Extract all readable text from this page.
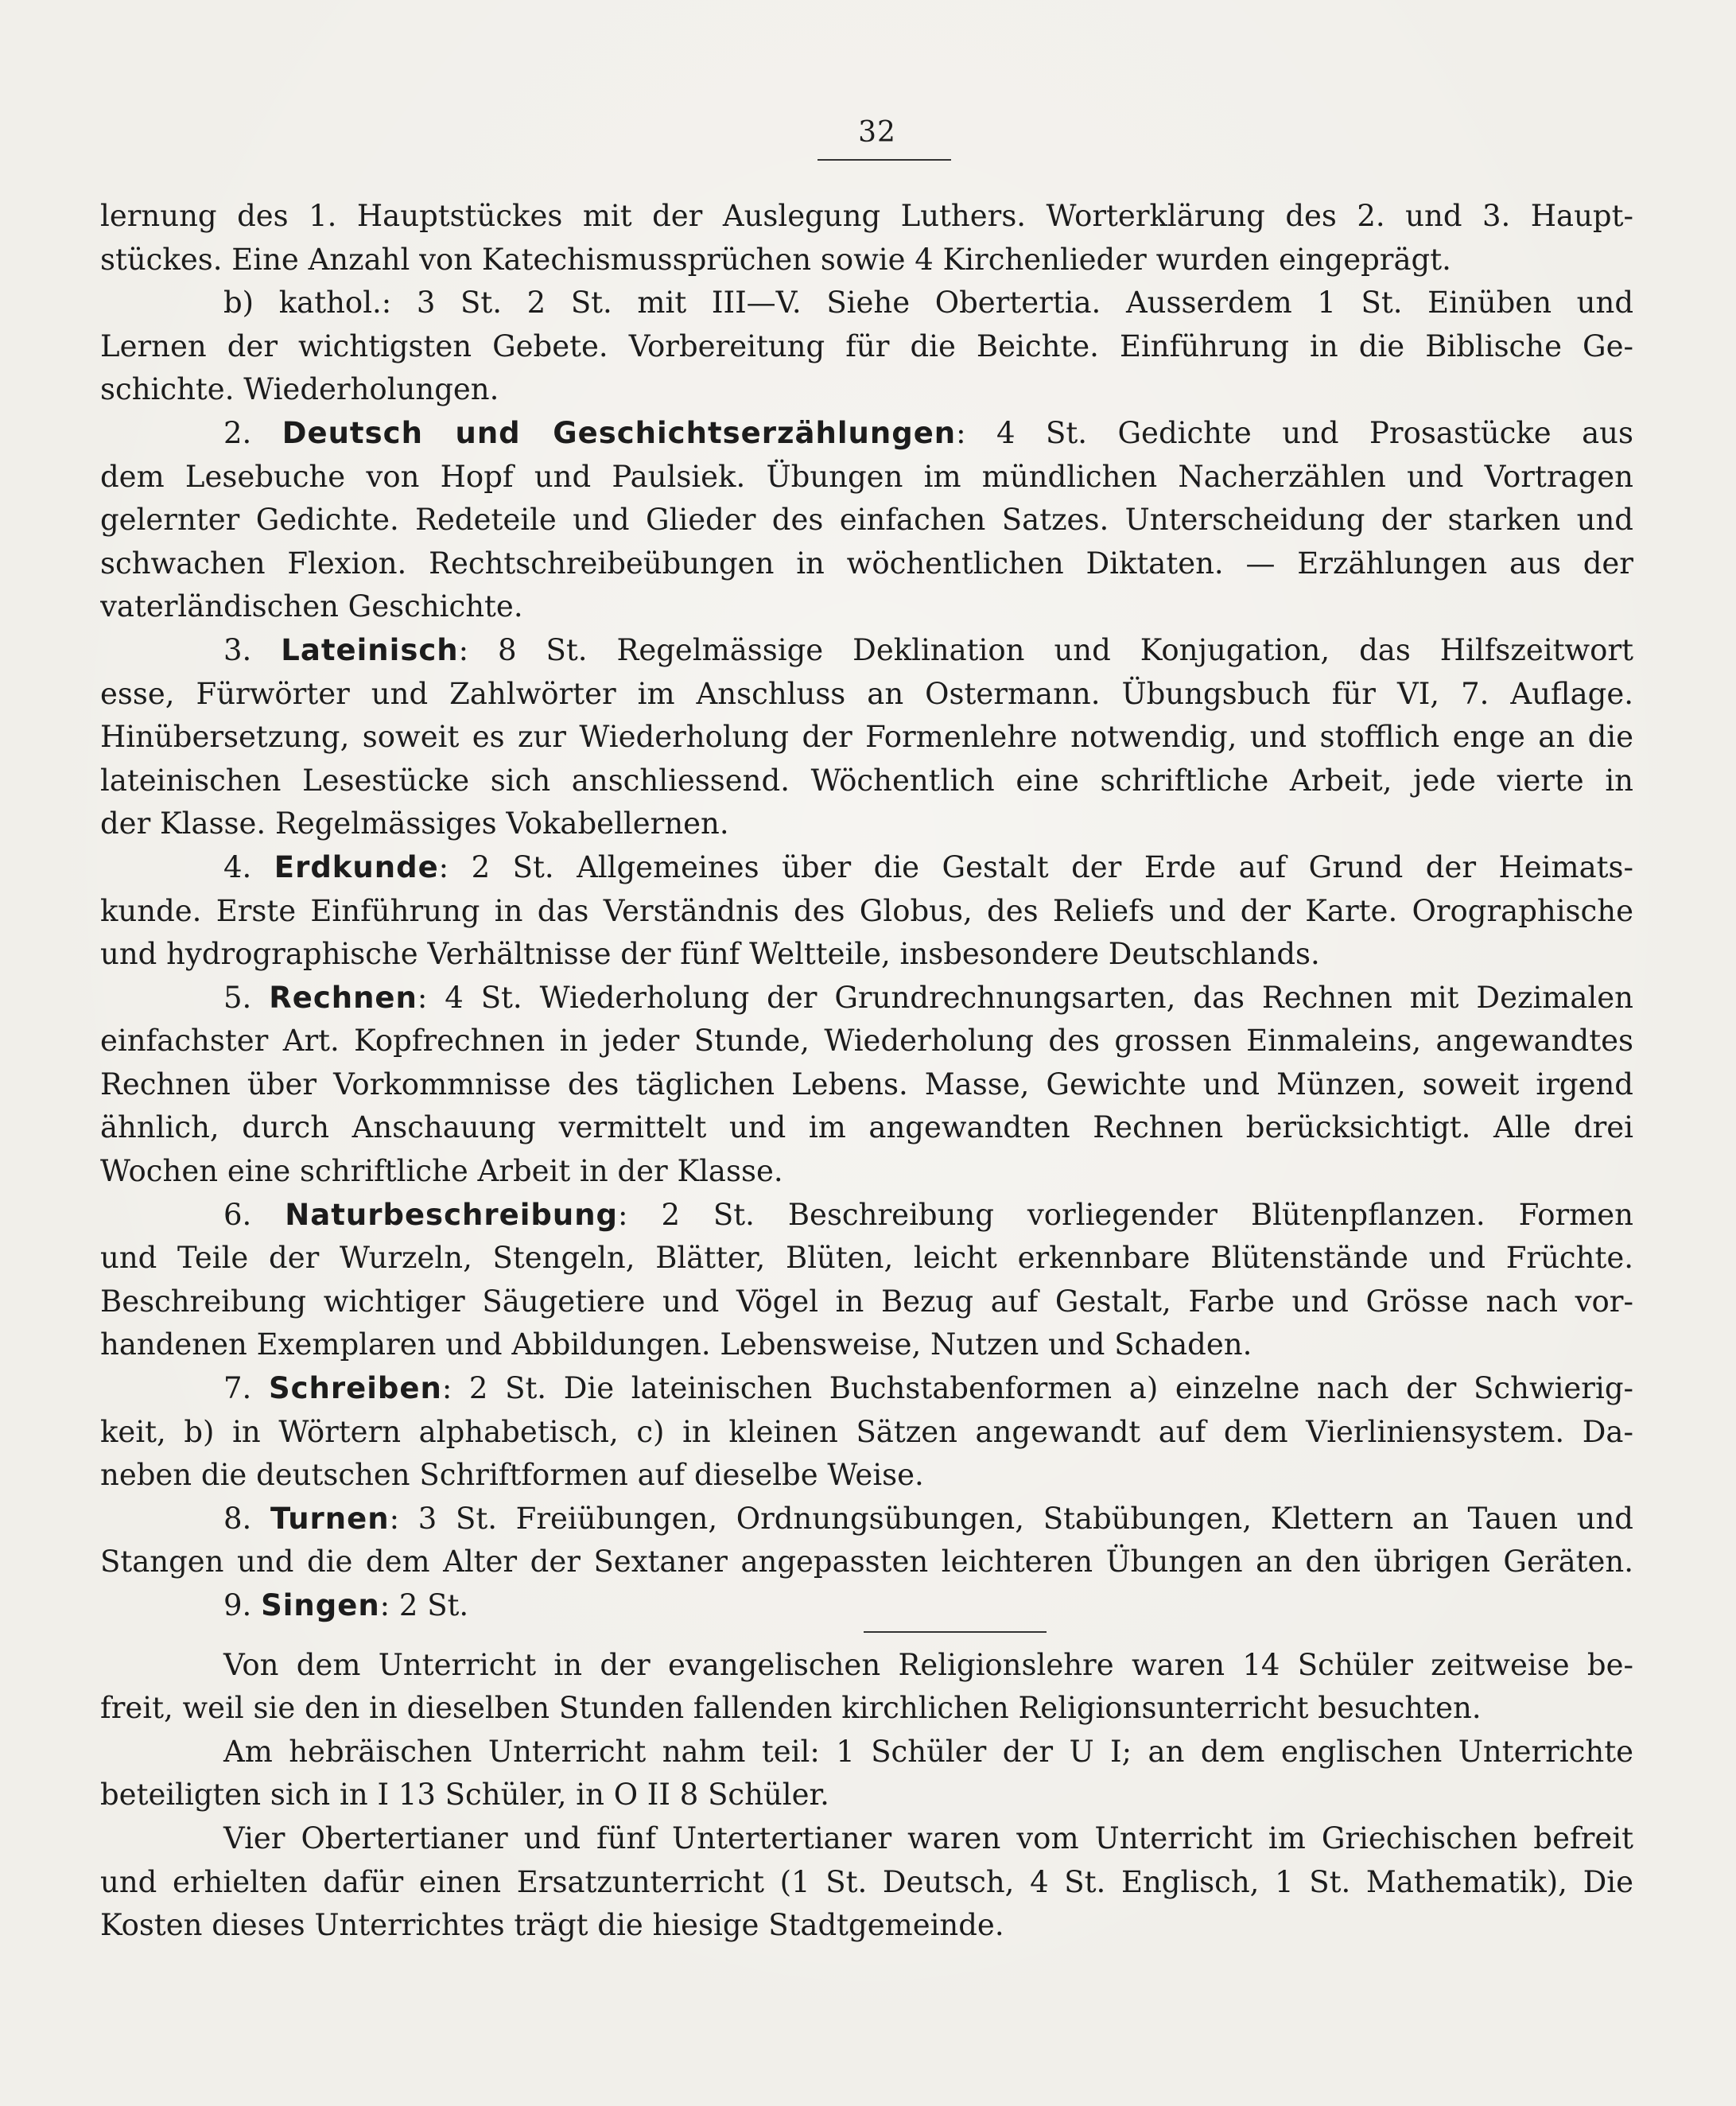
32
lernung des 1. Hauptstückes mit der Auslegung Luthers. Worterklärung des 2. und 3. Haupt-
stückes. Eine Anzahl von Katechismussprüchen sowie 4 Kirchenlieder wurden eingeprägt.
b) kathol.: 3 St. 2 St. mit III—V. Siehe Obertertia. Ausserdem 1 St. Einüben und
Lernen der wichtigsten Gebete. Vorbereitung für die Beichte. Einführung in die Biblische Ge-
schichte. Wiederholungen.
2. Deutsch und Geschichtserzählungen: 4 St. Gedichte und Prosastücke aus
dem Lesebuche von Hopf und Paulsiek. Übungen im mündlichen Nacherzählen und Vortragen
gelernter Gedichte. Redeteile und Glieder des einfachen Satzes. Unterscheidung der starken und
schwachen Flexion. Rechtschreibeübungen in wöchentlichen Diktaten. — Erzählungen aus der
vaterländischen Geschichte.
3. Lateinisch: 8 St. Regelmässige Deklination und Konjugation, das Hilfszeitwort
esse, Fürwörter und Zahlwörter im Anschluss an Ostermann. Übungsbuch für VI, 7. Auflage.
Hinübersetzung, soweit es zur Wiederholung der Formenlehre notwendig, und stofflich enge an die
lateinischen Lesestücke sich anschliessend. Wöchentlich eine schriftliche Arbeit, jede vierte in
der Klasse. Regelmässiges Vokabellernen.
4. Erdkunde: 2 St. Allgemeines über die Gestalt der Erde auf Grund der Heimats-
kunde. Erste Einführung in das Verständnis des Globus, des Reliefs und der Karte. Orographische
und hydrographische Verhältnisse der fünf Weltteile, insbesondere Deutschlands.
5. Rechnen: 4 St. Wiederholung der Grundrechnungsarten, das Rechnen mit Dezimalen
einfachster Art. Kopfrechnen in jeder Stunde, Wiederholung des grossen Einmaleins, angewandtes
Rechnen über Vorkommnisse des täglichen Lebens. Masse, Gewichte und Münzen, soweit irgend
ähnlich, durch Anschauung vermittelt und im angewandten Rechnen berücksichtigt. Alle drei
Wochen eine schriftliche Arbeit in der Klasse.
6. Naturbeschreibung: 2 St. Beschreibung vorliegender Blütenpflanzen. Formen
und Teile der Wurzeln, Stengeln, Blätter, Blüten, leicht erkennbare Blütenstände und Früchte.
Beschreibung wichtiger Säugetiere und Vögel in Bezug auf Gestalt, Farbe und Grösse nach vor-
handenen Exemplaren und Abbildungen. Lebensweise, Nutzen und Schaden.
7. Schreiben: 2 St. Die lateinischen Buchstabenformen a) einzelne nach der Schwierig-
keit, b) in Wörtern alphabetisch, c) in kleinen Sätzen angewandt auf dem Vierliniensystem. Da-
neben die deutschen Schriftformen auf dieselbe Weise.
8. Turnen: 3 St. Freiübungen, Ordnungsübungen, Stabübungen, Klettern an Tauen und
Stangen und die dem Alter der Sextaner angepassten leichteren Übungen an den übrigen Geräten.
9. Singen: 2 St.
Von dem Unterricht in der evangelischen Religionslehre waren 14 Schüler zeitweise be-
freit, weil sie den in dieselben Stunden fallenden kirchlichen Religionsunterricht besuchten.
Am hebräischen Unterricht nahm teil: 1 Schüler der U I; an dem englischen Unterrichte
beteiligten sich in I 13 Schüler, in O II 8 Schüler.
Vier Obertertianer und fünf Untertertianer waren vom Unterricht im Griechischen befreit
und erhielten dafür einen Ersatzunterricht (1 St. Deutsch, 4 St. Englisch, 1 St. Mathematik), Die
Kosten dieses Unterrichtes trägt die hiesige Stadtgemeinde.
